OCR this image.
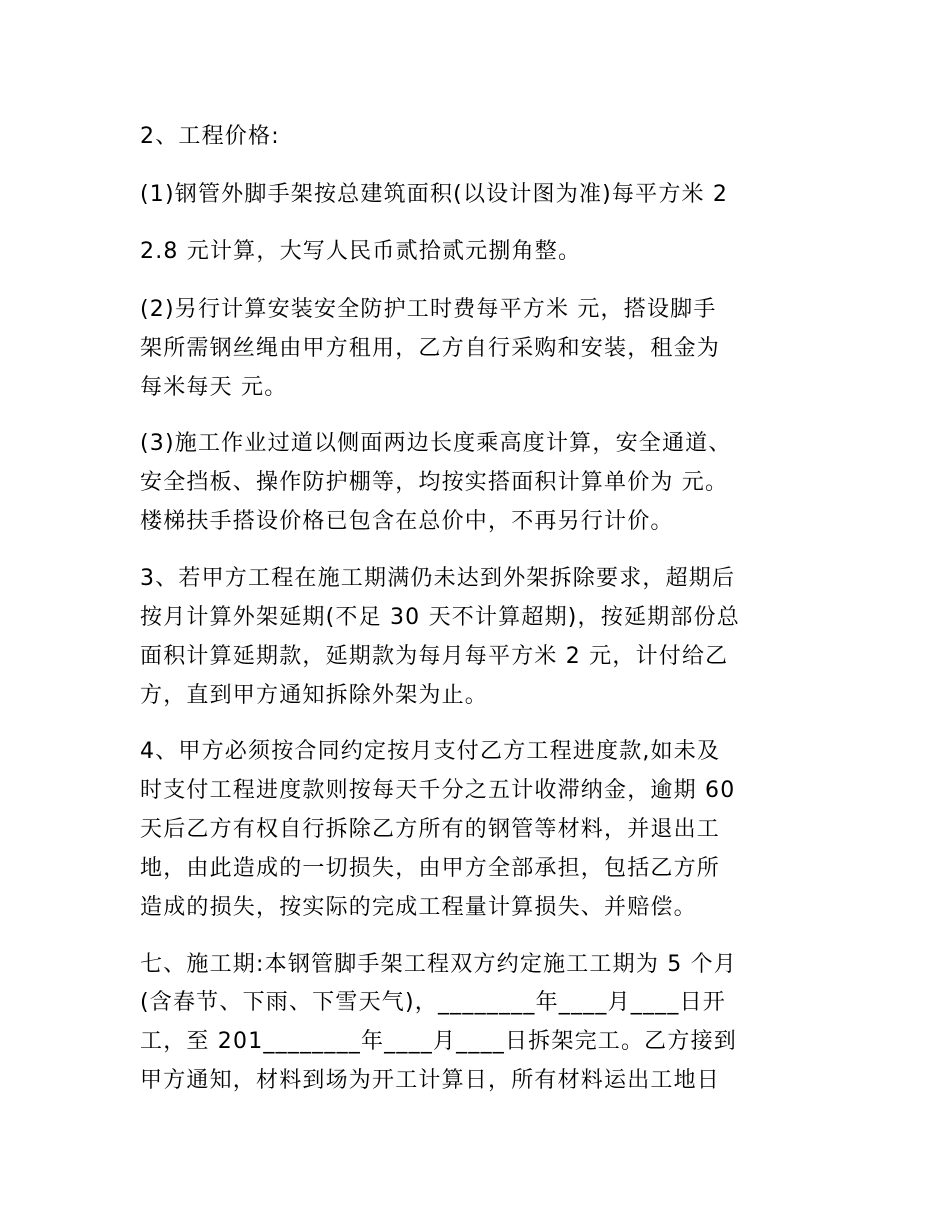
2、工程价格:
(1)钢管外脚手架按总建筑面积(以设计图为准)每平方米 2
2.8 元计算，大写人民币贰拾贰元捌角整。
(2)另行计算安装安全防护工时费每平方米 元，搭设脚手
架所需钢丝绳由甲方租用，乙方自行采购和安装，租金为
每米每天 元。
(3)施工作业过道以侧面两边长度乘高度计算，安全通道、
安全挡板、操作防护棚等，均按实搭面积计算单价为 元。
楼梯扶手搭设价格已包含在总价中，不再另行计价。
3、若甲方工程在施工期满仍未达到外架拆除要求，超期后
按月计算外架延期(不足 30 天不计算超期)，按延期部份总
面积计算延期款，延期款为每月每平方米 2 元，计付给乙
方，直到甲方通知拆除外架为止。
4、甲方必须按合同约定按月支付乙方工程进度款,如未及
时支付工程进度款则按每天千分之五计收滞纳金，逾期 60
天后乙方有权自行拆除乙方所有的钢管等材料，并退出工
地，由此造成的一切损失，由甲方全部承担，包括乙方所
造成的损失，按实际的完成工程量计算损失、并赔偿。
七、施工期:本钢管脚手架工程双方约定施工工期为 5 个月
(含春节、下雨、下雪天气)，________年____月____日开
工，至 201________年____月____日拆架完工。乙方接到
甲方通知，材料到场为开工计算日，所有材料运出工地日
